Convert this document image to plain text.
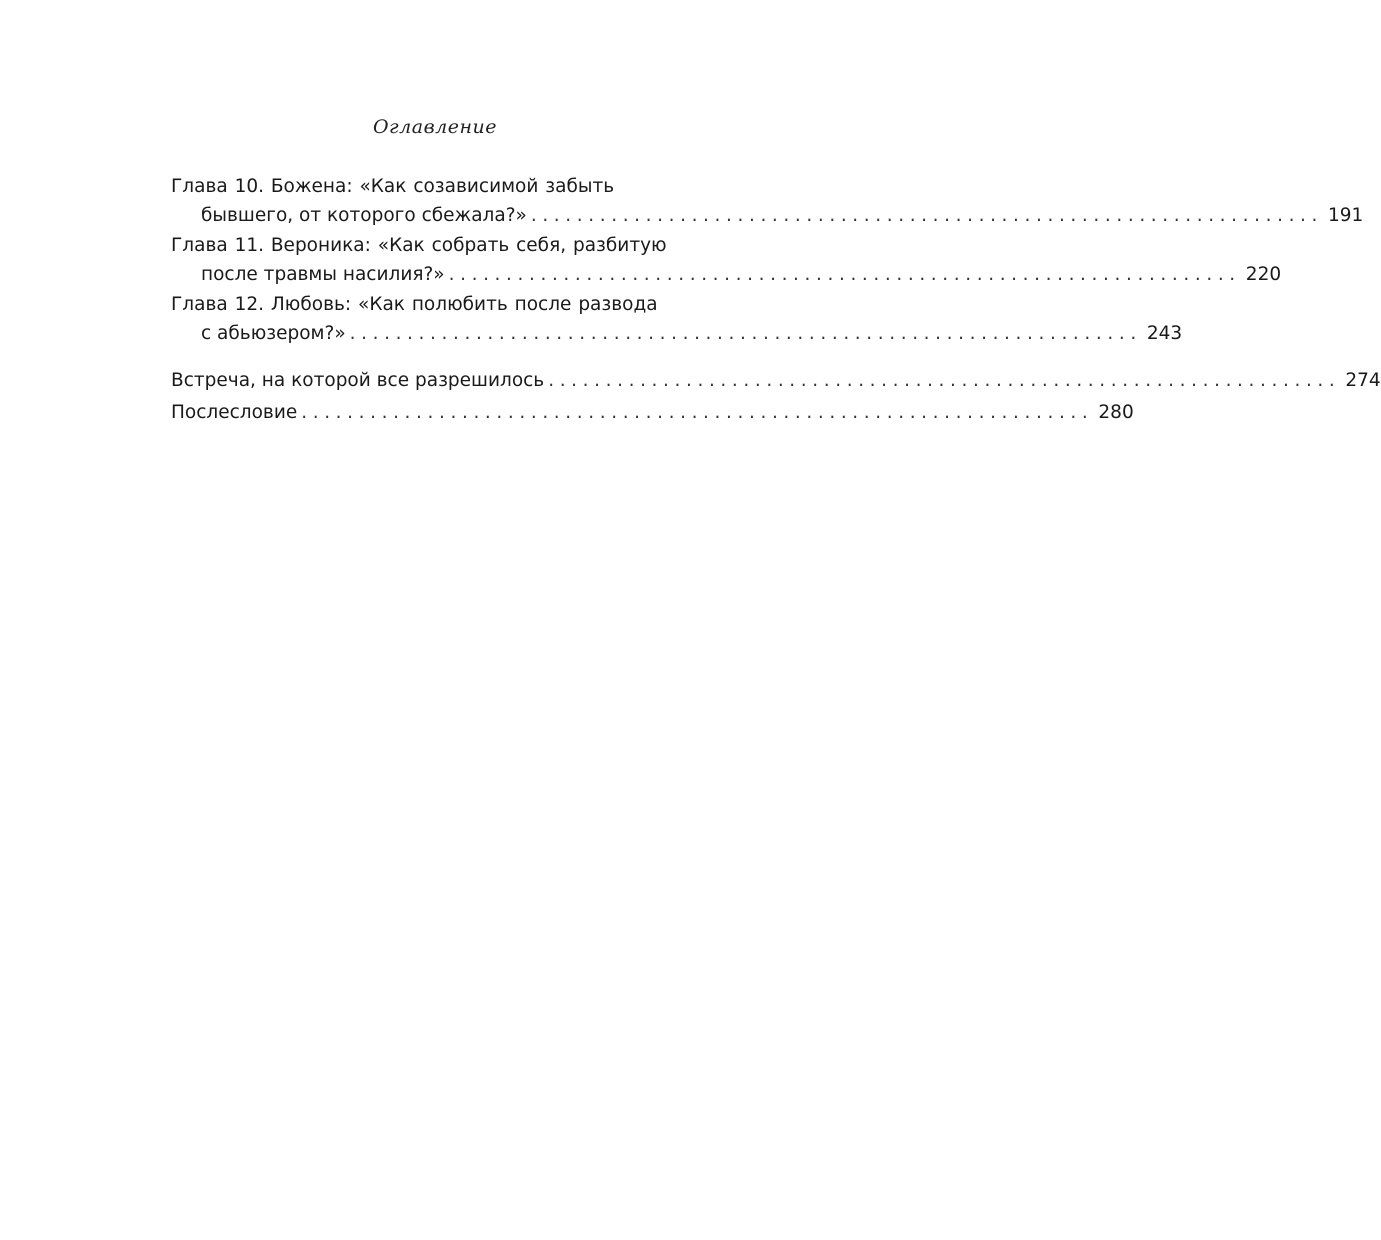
Оглавление
Глава 10. Божена: «Как созависимой забыть
бывшего, от которого сбежала?» ..................................................................... 191
Глава 11. Вероника: «Как собрать себя, разбитую
после травмы насилия?» ..................................................................... 220
Глава 12. Любовь: «Как полюбить после развода
с абьюзером?» ..................................................................... 243
Встреча, на которой все разрешилось ..................................................................... 274
Послесловие ..................................................................... 280
